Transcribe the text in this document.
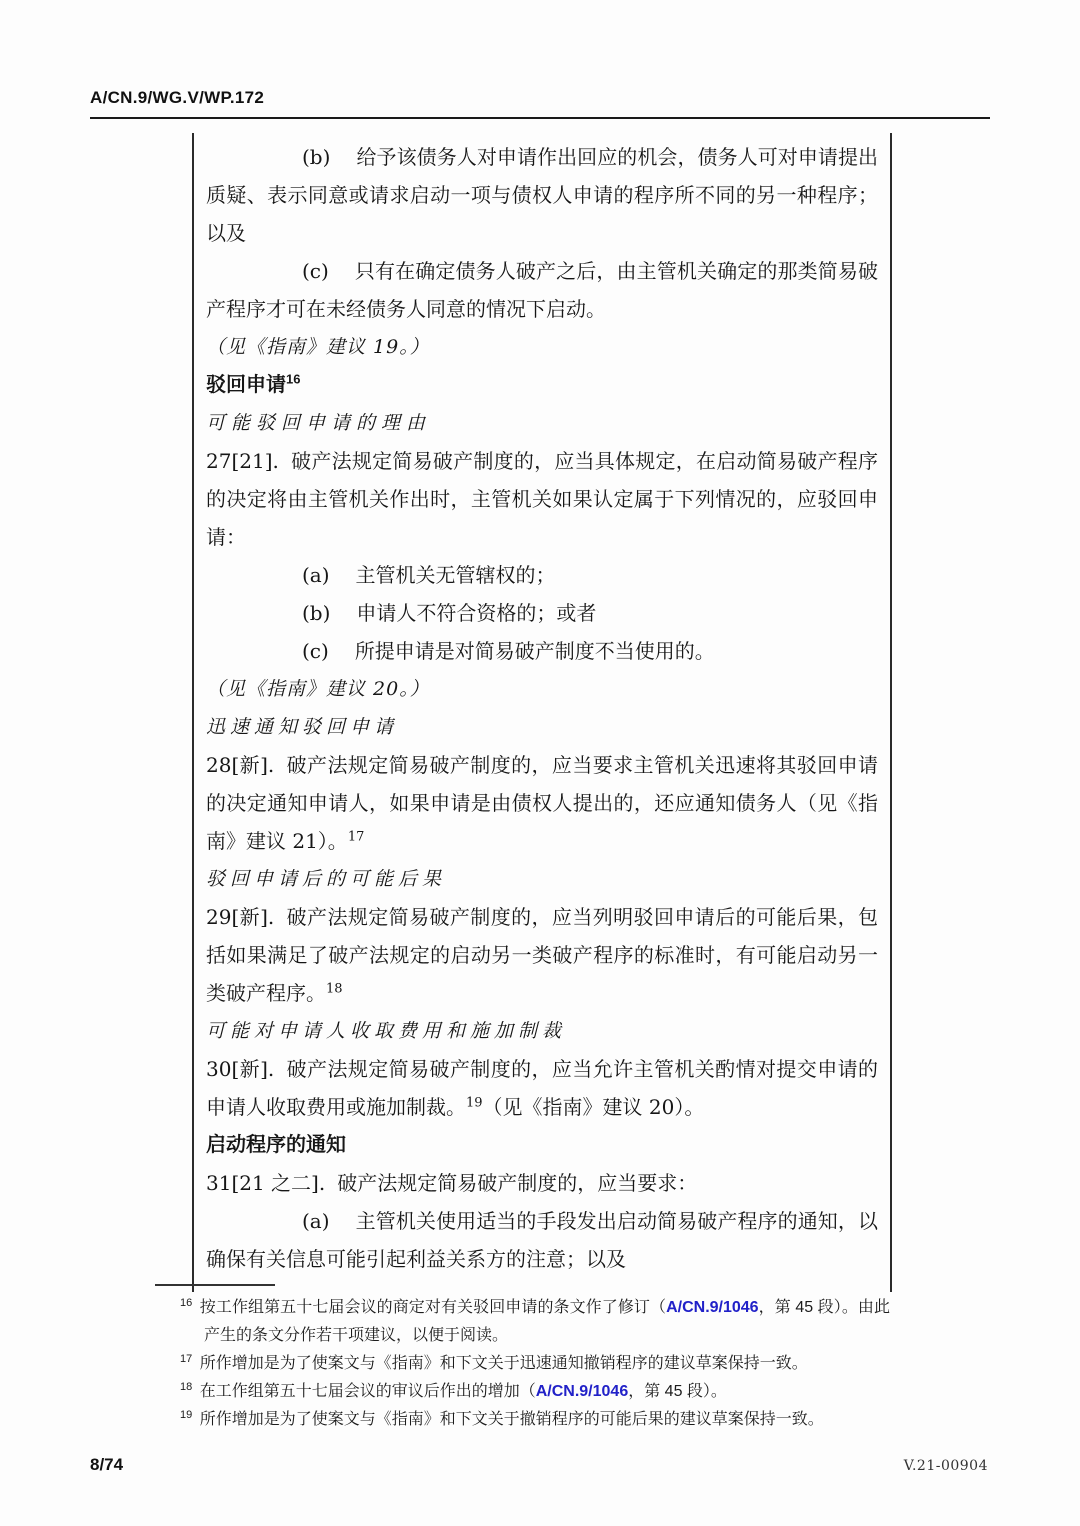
A/CN.9/WG.V/WP.172

(b) 给予该债务人对申请作出回应的机会，债务人可对申请提出质疑、表示同意或请求启动一项与债权人申请的程序所不同的另一种程序；以及

(c) 只有在确定债务人破产之后，由主管机关确定的那类简易破产程序才可在未经债务人同意的情况下启动。

（见《指南》建议 19。）

驳回申请$^{16}$

可能驳回申请的理由

27[21]. 破产法规定简易破产制度的，应当具体规定，在启动简易破产程序的决定将由主管机关作出时，主管机关如果认定属于下列情况的，应驳回申请：

(a) 主管机关无管辖权的；

(b) 申请人不符合资格的；或者

(c) 所提申请是对简易破产制度不当使用的。

（见《指南》建议 20。）

迅速通知驳回申请

28[新]. 破产法规定简易破产制度的，应当要求主管机关迅速将其驳回申请的决定通知申请人，如果申请是由债权人提出的，还应通知债务人（见《指南》建议 21）。$^{17}$

驳回申请后的可能后果

29[新]. 破产法规定简易破产制度的，应当列明驳回申请后的可能后果，包括如果满足了破产法规定的启动另一类破产程序的标准时，有可能启动另一类破产程序。$^{18}$

可能对申请人收取费用和施加制裁

30[新]. 破产法规定简易破产制度的，应当允许主管机关酌情对提交申请的申请人收取费用或施加制裁。$^{19}$（见《指南》建议 20）。

启动程序的通知

31[21 之二]. 破产法规定简易破产制度的，应当要求：

(a) 主管机关使用适当的手段发出启动简易破产程序的通知，以确保有关信息可能引起利益关系方的注意；以及

$^{16}$ 按工作组第五十七届会议的商定对有关驳回申请的条文作了修订（A/CN.9/1046，第 45 段）。由此产生的条文分作若干项建议，以便于阅读。

$^{17}$ 所作增加是为了使案文与《指南》和下文关于迅速通知撤销程序的建议草案保持一致。

$^{18}$ 在工作组第五十七届会议的审议后作出的增加（A/CN.9/1046，第 45 段）。

$^{19}$ 所作增加是为了使案文与《指南》和下文关于撤销程序的可能后果的建议草案保持一致。

8/74	V.21-00904
